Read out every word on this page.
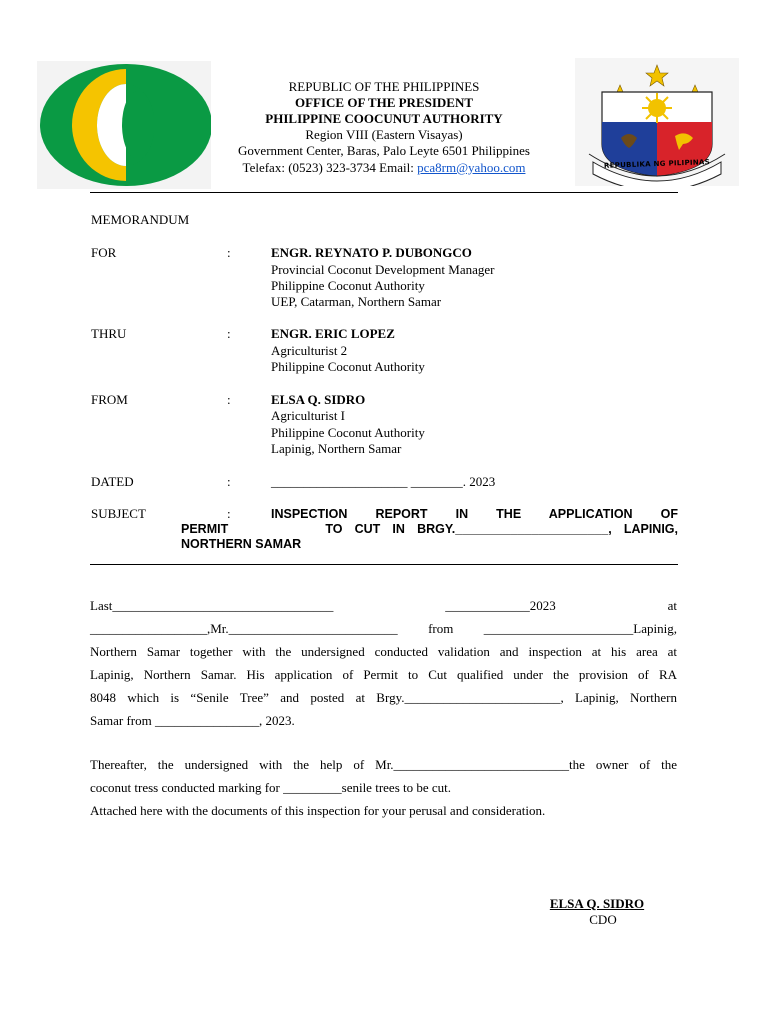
REPUBLIKA NG PILIPINAS
REPUBLIC OF THE PHILIPPINES
OFFICE OF THE PRESIDENT
PHILIPPINE COOCUNUT AUTHORITY
Region VIII (Eastern Visayas)
Government Center, Baras, Palo Leyte 6501 Philippines
Telefax: (0523) 323-3734 Email: pca8rm@yahoo.com
MEMORANDUM
FOR	:	ENGR. REYNATO P. DUBONGCO
Provincial Coconut Development Manager
Philippine Coconut Authority
UEP, Catarman, Northern Samar
THRU	:	ENGR. ERIC LOPEZ
Agriculturist 2
Philippine Coconut Authority
FROM	:	ELSA Q. SIDRO
Agriculturist I
Philippine Coconut Authority
Lapinig, Northern Samar
DATED	:	_____________________ ________. 2023
SUBJECT	:	INSPECTION REPORT IN THE APPLICATION OF
PERMIT        TO CUT IN BRGY.______________________, LAPINIG,
NORTHERN SAMAR
Last__________________________________ _____________2023 at
__________________,Mr.__________________________ from _______________________Lapinig,
Northern Samar together with the undersigned conducted validation and inspection at his area at
Lapinig, Northern Samar. His application of Permit to Cut qualified under the provision of RA
8048 which is “Senile Tree” and posted at Brgy.________________________, Lapinig, Northern
Samar from ________________, 2023.
Thereafter, the undersigned with the help of Mr.___________________________the owner of the
coconut tress conducted marking for _________senile trees to be cut.
Attached here with the documents of this inspection for your perusal and consideration.
ELSA Q. SIDRO
CDO
